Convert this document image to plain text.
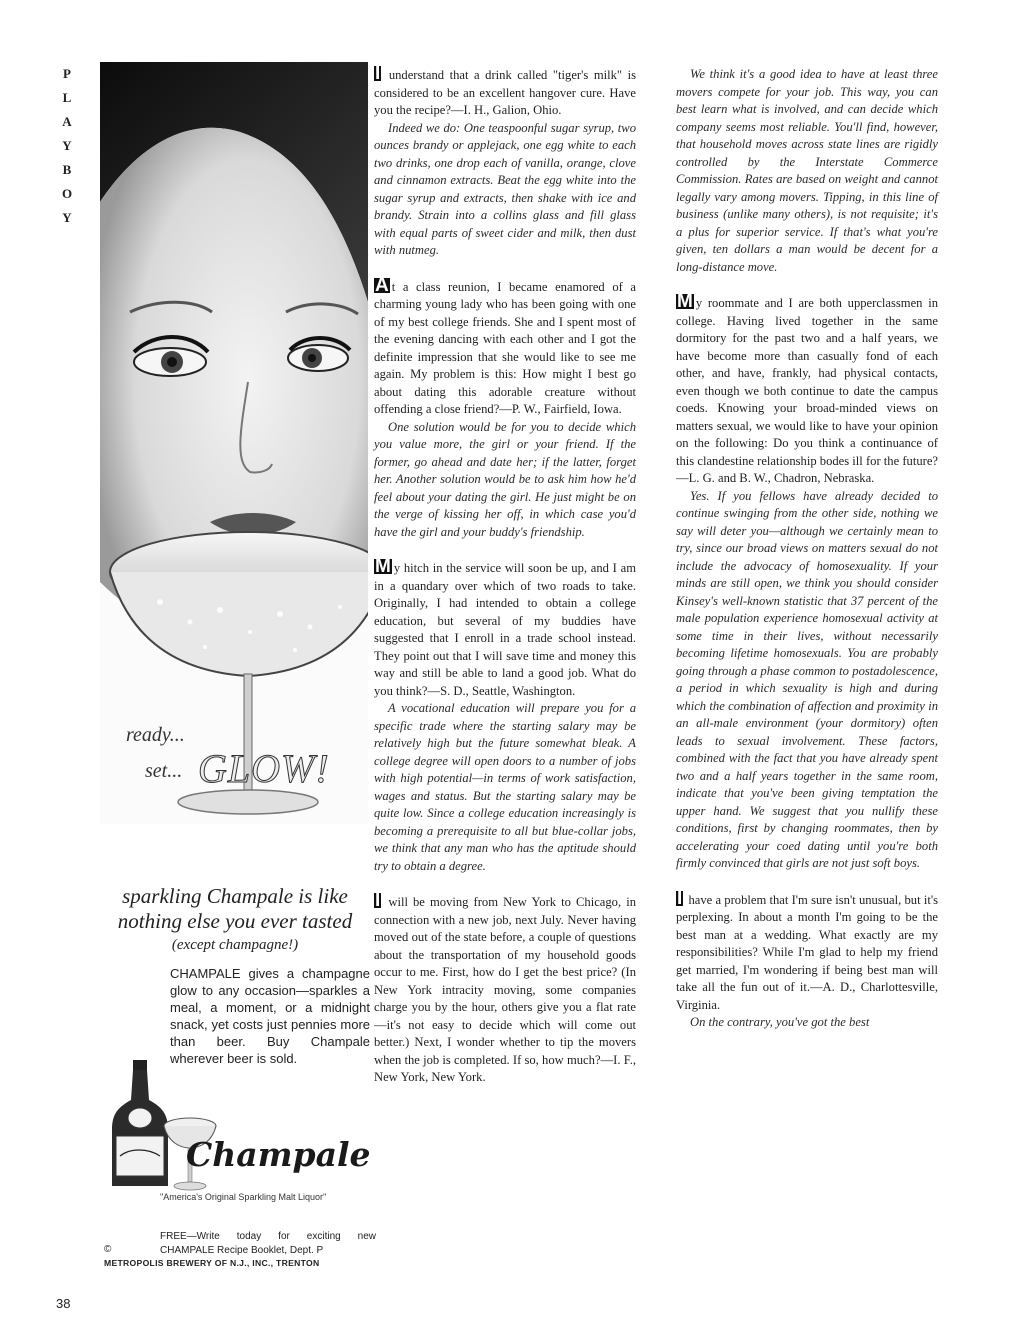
P
L
A
Y
B
O
Y
ready...
set... GLOW!
sparkling Champale is like
nothing else you ever tasted
(except champagne!)
CHAMPALE gives a champagne glow to any occasion—sparkles a meal, a moment, or a midnight snack, yet costs just pennies more than beer. Buy Champale wherever beer is sold.
Champale
"America's Original Sparkling Malt Liquor"
FREE—Write today for exciting new CHAMPALE Recipe Booklet, Dept. P
©
METROPOLIS BREWERY OF N.J., INC., TRENTON
38

I understand that a drink called "tiger's milk" is considered to be an excellent hangover cure. Have you the recipe?—I. H., Galion, Ohio.

Indeed we do: One teaspoonful sugar syrup, two ounces brandy or applejack, one egg white to each two drinks, one drop each of vanilla, orange, clove and cinnamon extracts. Beat the egg white into the sugar syrup and extracts, then shake with ice and brandy. Strain into a collins glass and fill glass with equal parts of sweet cider and milk, then dust with nutmeg.

A t a class reunion, I became enamored of a charming young lady who has been going with one of my best college friends. She and I spent most of the evening dancing with each other and I got the definite impression that she would like to see me again. My problem is this: How might I best go about dating this adorable creature without offending a close friend?—P. W., Fairfield, Iowa.

One solution would be for you to decide which you value more, the girl or your friend. If the former, go ahead and date her; if the latter, forget her. Another solution would be to ask him how he'd feel about your dating the girl. He just might be on the verge of kissing her off, in which case you'd have the girl and your buddy's friendship.

M y hitch in the service will soon be up, and I am in a quandary over which of two roads to take. Originally, I had intended to obtain a college education, but several of my buddies have suggested that I enroll in a trade school instead. They point out that I will save time and money this way and still be able to land a good job. What do you think?—S. D., Seattle, Washington.

A vocational education will prepare you for a specific trade where the starting salary may be relatively high but the future somewhat bleak. A college degree will open doors to a number of jobs with high potential—in terms of work satisfaction, wages and status. But the starting salary may be quite low. Since a college education increasingly is becoming a prerequisite to all but blue-collar jobs, we think that any man who has the aptitude should try to obtain a degree.

I will be moving from New York to Chicago, in connection with a new job, next July. Never having moved out of the state before, a couple of questions about the transportation of my household goods occur to me. First, how do I get the best price? (In New York intracity moving, some companies charge you by the hour, others give you a flat rate—it's not easy to decide which will come out better.) Next, I wonder whether to tip the movers when the job is completed. If so, how much?—I. F., New York, New York.

We think it's a good idea to have at least three movers compete for your job. This way, you can best learn what is involved, and can decide which company seems most reliable. You'll find, however, that household moves across state lines are rigidly controlled by the Interstate Commerce Commission. Rates are based on weight and cannot legally vary among movers. Tipping, in this line of business (unlike many others), is not requisite; it's a plus for superior service. If that's what you're given, ten dollars a man would be decent for a long-distance move.

M y roommate and I are both upperclassmen in college. Having lived together in the same dormitory for the past two and a half years, we have become more than casually fond of each other, and have, frankly, had physical contacts, even though we both continue to date the campus coeds. Knowing your broad-minded views on matters sexual, we would like to have your opinion on the following: Do you think a continuance of this clandestine relationship bodes ill for the future?—L. G. and B. W., Chadron, Nebraska.

Yes. If you fellows have already decided to continue swinging from the other side, nothing we say will deter you—although we certainly mean to try, since our broad views on matters sexual do not include the advocacy of homosexuality. If your minds are still open, we think you should consider Kinsey's well-known statistic that 37 percent of the male population experience homosexual activity at some time in their lives, without necessarily becoming lifetime homosexuals. You are probably going through a phase common to postadolescence, a period in which sexuality is high and during which the combination of affection and proximity in an all-male environment (your dormitory) often leads to sexual involvement. These factors, combined with the fact that you have already spent two and a half years together in the same room, indicate that you've been giving temptation the upper hand. We suggest that you nullify these conditions, first by changing roommates, then by accelerating your coed dating until you're both firmly convinced that girls are not just soft boys.

I have a problem that I'm sure isn't unusual, but it's perplexing. In about a month I'm going to be the best man at a wedding. What exactly are my responsibilities? While I'm glad to help my friend get married, I'm wondering if being best man will take all the fun out of it.—A. D., Charlottesville, Virginia.

On the contrary, you've got the best
